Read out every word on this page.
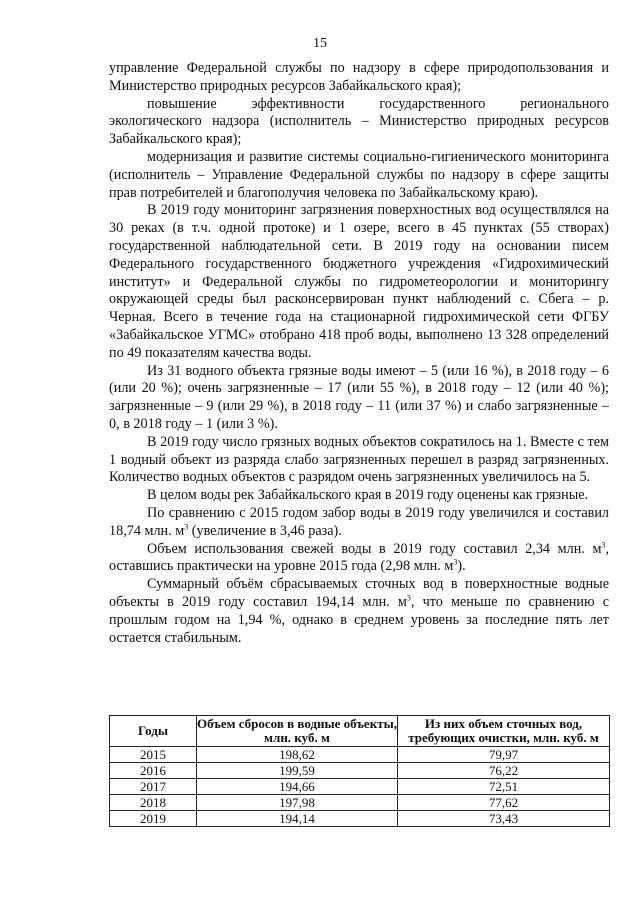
15

управление Федеральной службы по надзору в сфере природопользования и Министерство природных ресурсов Забайкальского края);

повышение эффективности государственного регионального экологического надзора (исполнитель – Министерство природных ресурсов Забайкальского края);

модернизация и развитие системы социально-гигиенического мониторинга (исполнитель – Управление Федеральной службы по надзору в сфере защиты прав потребителей и благополучия человека по Забайкальскому краю).

В 2019 году мониторинг загрязнения поверхностных вод осуществлялся на 30 реках (в т.ч. одной протоке) и 1 озере, всего в 45 пунктах (55 створах) государственной наблюдательной сети. В 2019 году на основании писем Федерального государственного бюджетного учреждения «Гидрохимический институт» и Федеральной службы по гидрометеорологии и мониторингу окружающей среды был расконсервирован пункт наблюдений с. Сбега – р. Черная. Всего в течение года на стационарной гидрохимической сети ФГБУ «Забайкальское УГМС» отобрано 418 проб воды, выполнено 13 328 определений по 49 показателям качества воды.

Из 31 водного объекта грязные воды имеют – 5 (или 16 %), в 2018 году – 6 (или 20 %); очень загрязненные – 17 (или 55 %), в 2018 году – 12 (или 40 %); загрязненные – 9 (или 29 %), в 2018 году – 11 (или 37 %) и слабо загрязненные – 0, в 2018 году – 1 (или 3 %).

В 2019 году число грязных водных объектов сократилось на 1. Вместе с тем 1 водный объект из разряда слабо загрязненных перешел в разряд загрязненных. Количество водных объектов с разрядом очень загрязненных увеличилось на 5.

В целом воды рек Забайкальского края в 2019 году оценены как грязные.

По сравнению с 2015 годом забор воды в 2019 году увеличился и составил 18,74 млн. $м^3$ (увеличение в 3,46 раза).

Объем использования свежей воды в 2019 году составил 2,34 млн. $м^3$, оставшись практически на уровне 2015 года (2,98 млн. $м^3$).

Суммарный объём сбрасываемых сточных вод в поверхностные водные объекты в 2019 году составил 194,14 млн. $м^3$, что меньше по сравнению с прошлым годом на 1,94 %, однако в среднем уровень за последние пять лет остается стабильным.

Годы	Объем сбросов в водные объекты, млн. куб. м	Из них объем сточных вод, требующих очистки, млн. куб. м
2015	198,62	79,97
2016	199,59	76,22
2017	194,66	72,51
2018	197,98	77,62
2019	194,14	73,43
